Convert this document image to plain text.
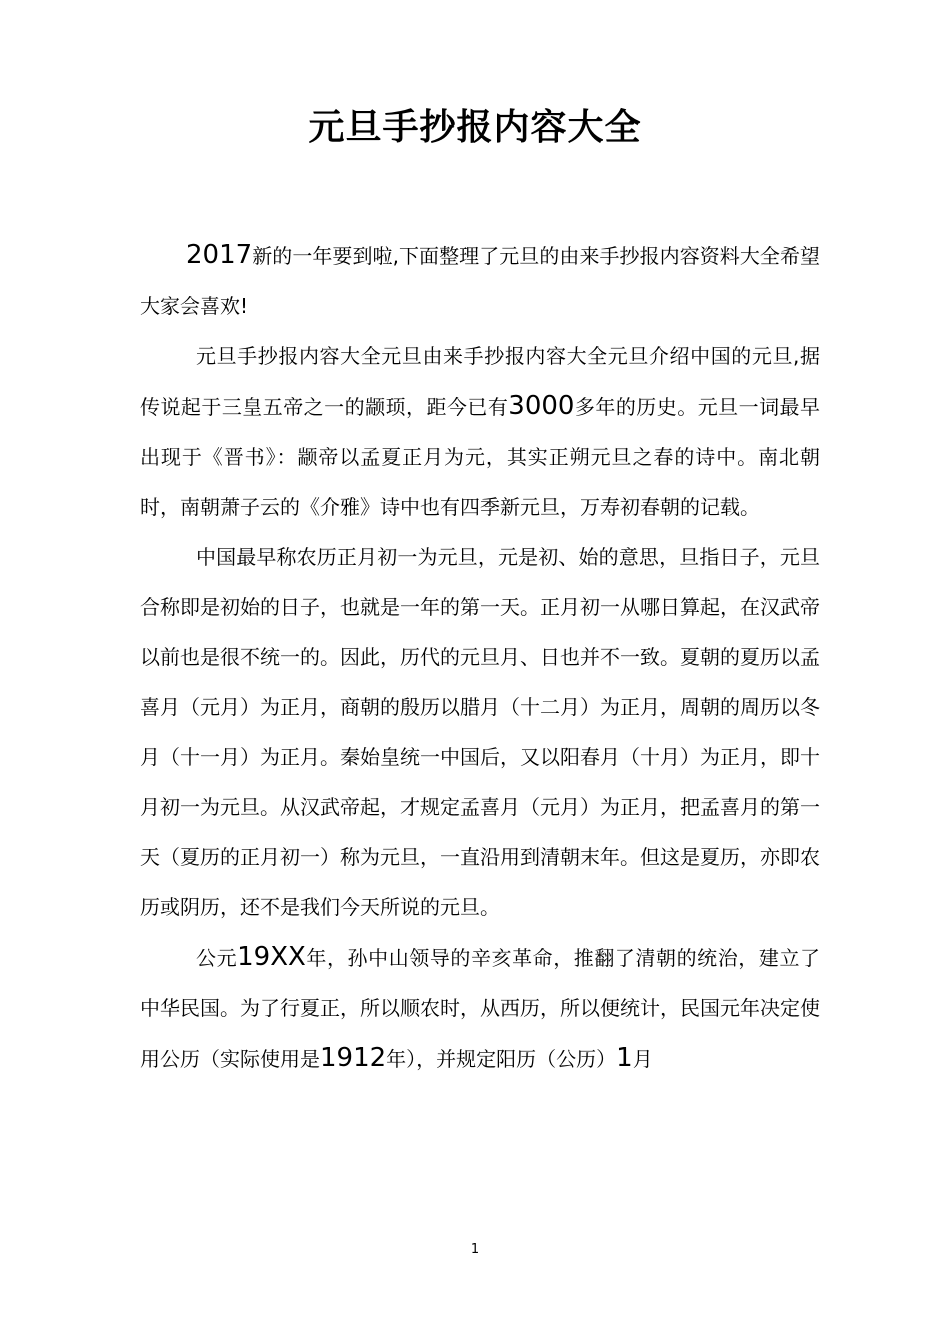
元旦手抄报内容大全

2017新的一年要到啦,下面整理了元旦的由来手抄报内容资料大全希望大家会喜欢!

元旦手抄报内容大全元旦由来手抄报内容大全元旦介绍中国的元旦,据传说起于三皇五帝之一的颛顼，距今已有3000多年的历史。元旦一词最早出现于《晋书》：颛帝以孟夏正月为元，其实正朔元旦之春的诗中。南北朝时，南朝萧子云的《介雅》诗中也有四季新元旦，万寿初春朝的记载。

中国最早称农历正月初一为元旦，元是初、始的意思，旦指日子，元旦合称即是初始的日子，也就是一年的第一天。正月初一从哪日算起，在汉武帝以前也是很不统一的。因此，历代的元旦月、日也并不一致。夏朝的夏历以孟喜月（元月）为正月，商朝的殷历以腊月（十二月）为正月，周朝的周历以冬月（十一月）为正月。秦始皇统一中国后，又以阳春月（十月）为正月，即十月初一为元旦。从汉武帝起，才规定孟喜月（元月）为正月，把孟喜月的第一天（夏历的正月初一）称为元旦，一直沿用到清朝末年。但这是夏历，亦即农历或阴历，还不是我们今天所说的元旦。

公元19XX年，孙中山领导的辛亥革命，推翻了清朝的统治，建立了中华民国。为了行夏正，所以顺农时，从西历，所以便统计，民国元年决定使用公历（实际使用是1912年），并规定阳历（公历）1月

1
